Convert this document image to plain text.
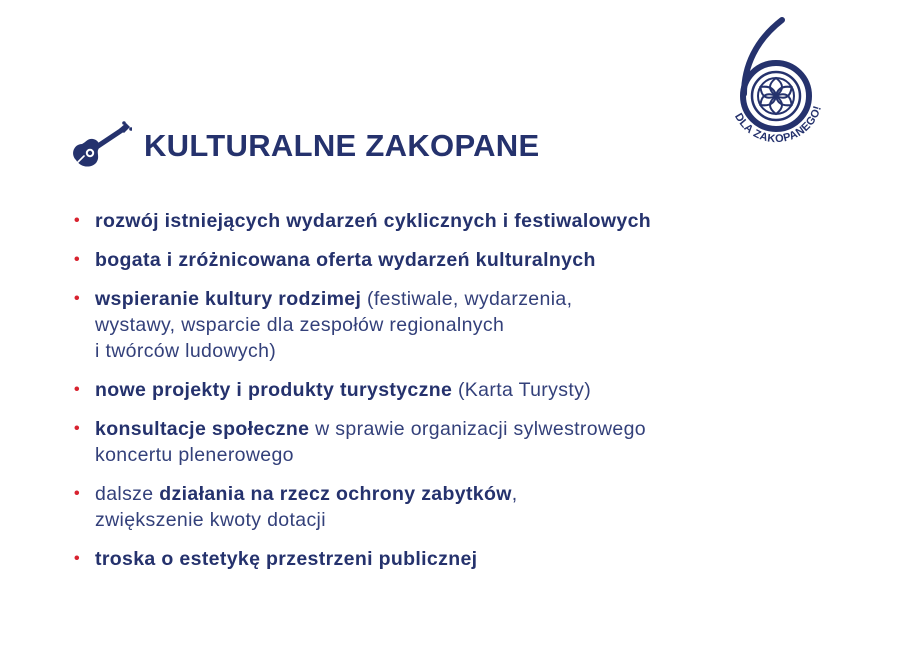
DLA ZAKOPANEGO!
KULTURALNE ZAKOPANE
• rozwój istniejących wydarzeń cyklicznych i festiwalowych
• bogata i zróżnicowana oferta wydarzeń kulturalnych
• wspieranie kultury rodzimej (festiwale, wydarzenia,
wystawy, wsparcie dla zespołów regionalnych
i twórców ludowych)
• nowe projekty i produkty turystyczne (Karta Turysty)
• konsultacje społeczne w sprawie organizacji sylwestrowego
koncertu plenerowego
• dalsze działania na rzecz ochrony zabytków,
zwiększenie kwoty dotacji
• troska o estetykę przestrzeni publicznej
